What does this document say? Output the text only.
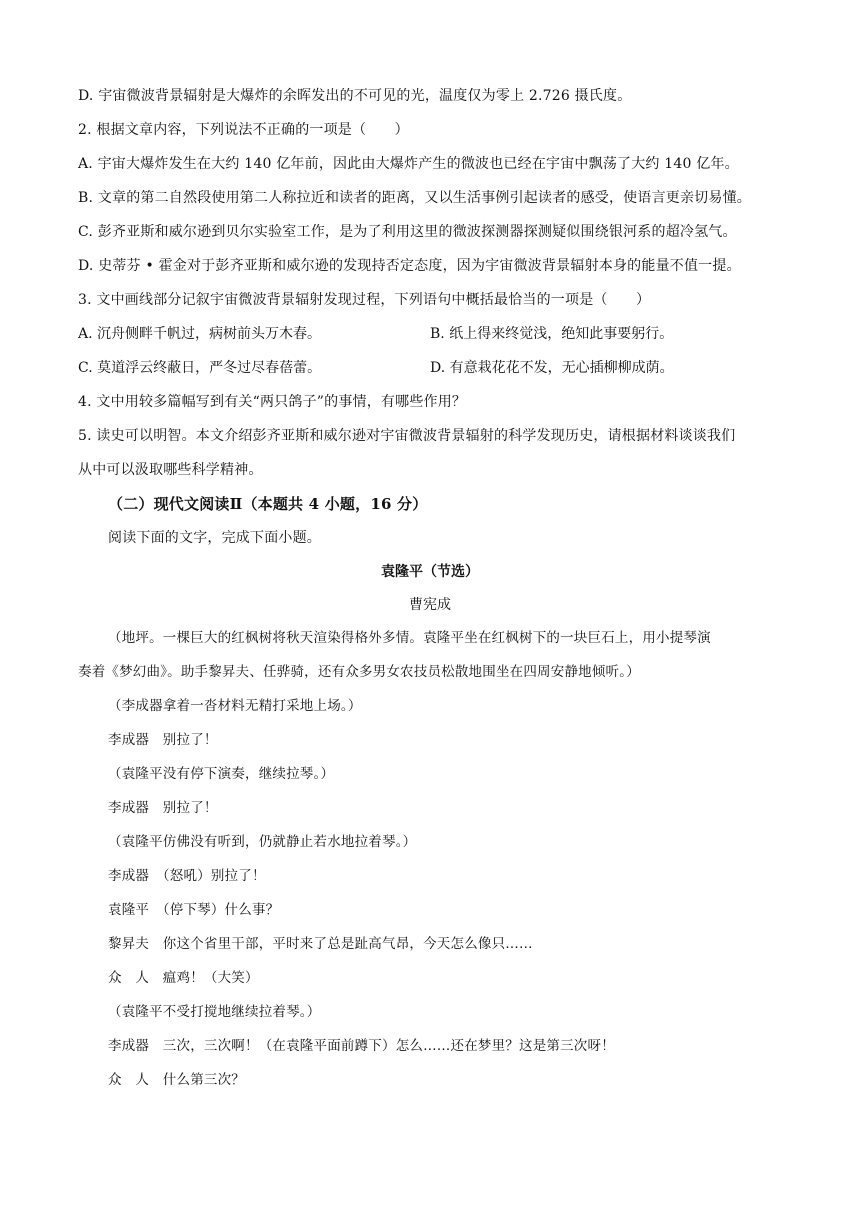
D. 宇宙微波背景辐射是大爆炸的余晖发出的不可见的光，温度仅为零上 2.726 摄氏度。
2. 根据文章内容，下列说法不正确的一项是（　　）
A. 宇宙大爆炸发生在大约 140 亿年前，因此由大爆炸产生的微波也已经在宇宙中飘荡了大约 140 亿年。
B. 文章的第二自然段使用第二人称拉近和读者的距离，又以生活事例引起读者的感受，使语言更亲切易懂。
C. 彭齐亚斯和威尔逊到贝尔实验室工作，是为了利用这里的微波探测器探测疑似围绕银河系的超冷氢气。
D. 史蒂芬 • 霍金对于彭齐亚斯和威尔逊的发现持否定态度，因为宇宙微波背景辐射本身的能量不值一提。
3. 文中画线部分记叙宇宙微波背景辐射发现过程，下列语句中概括最恰当的一项是（　　）
A. 沉舟侧畔千帆过，病树前头万木春。	B. 纸上得来终觉浅，绝知此事要躬行。
C. 莫道浮云终蔽日，严冬过尽春蓓蕾。	D. 有意栽花花不发，无心插柳柳成荫。
4. 文中用较多篇幅写到有关“两只鸽子”的事情，有哪些作用？
5. 读史可以明智。本文介绍彭齐亚斯和威尔逊对宇宙微波背景辐射的科学发现历史，请根据材料谈谈我们
从中可以汲取哪些科学精神。
（二）现代文阅读Ⅱ（本题共 4 小题，16 分）
阅读下面的文字，完成下面小题。
袁隆平（节选）
曹宪成
（地坪。一棵巨大的红枫树将秋天渲染得格外多情。袁隆平坐在红枫树下的一块巨石上，用小提琴演
奏着《梦幻曲》。助手黎昇夫、任骅骑，还有众多男女农技员松散地围坐在四周安静地倾听。）
（李成器拿着一沓材料无精打采地上场。）
李成器　别拉了！
（袁隆平没有停下演奏，继续拉琴。）
李成器　别拉了！
（袁隆平仿佛没有听到，仍就静止若水地拉着琴。）
李成器　（怒吼）别拉了！
袁隆平　（停下琴）什么事？
黎昇夫　你这个省里干部，平时来了总是趾高气昂，今天怎么像只……
众　人　瘟鸡！（大笑）
（袁隆平不受打搅地继续拉着琴。）
李成器　三次，三次啊！（在袁隆平面前蹲下）怎么……还在梦里？这是第三次呀！
众　人　什么第三次？
